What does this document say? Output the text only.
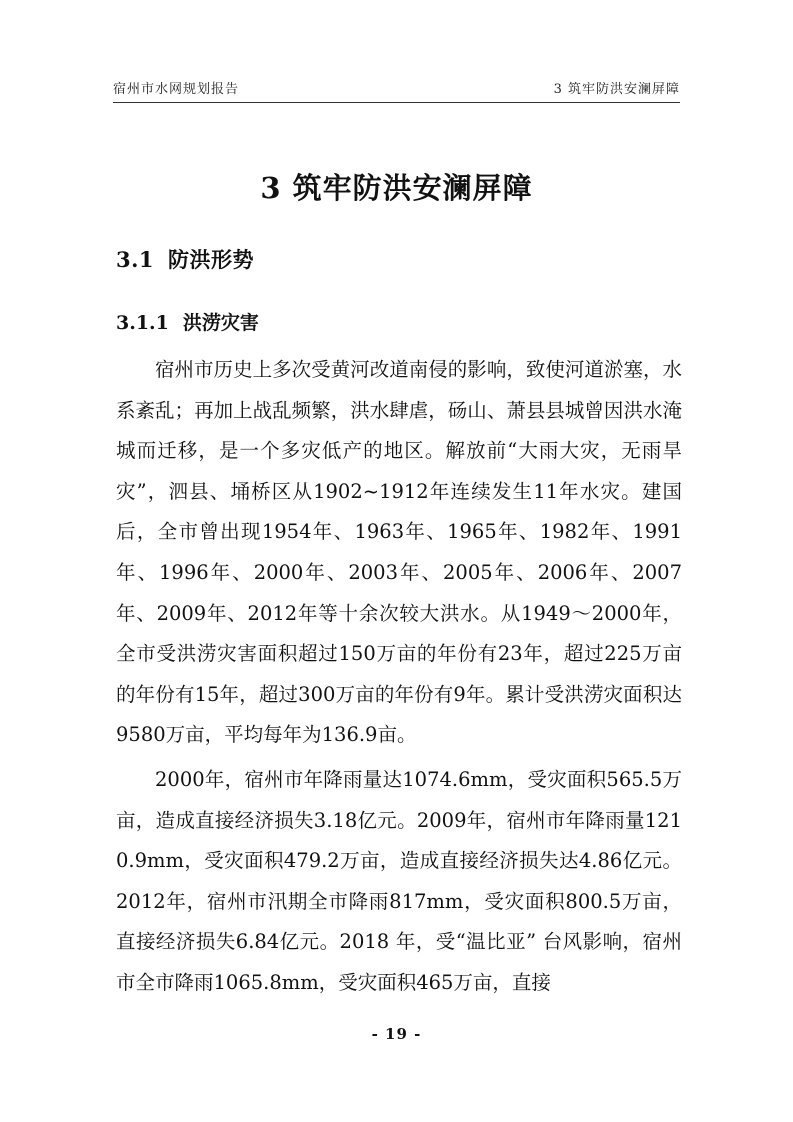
宿州市水网规划报告	3 筑牢防洪安澜屏障
3 筑牢防洪安澜屏障
3.1 防洪形势
3.1.1 洪涝灾害

宿州市历史上多次受黄河改道南侵的影响，致使河道淤塞，水系紊乱；再加上战乱频繁，洪水肆虐，砀山、萧县县城曾因洪水淹城而迁移，是一个多灾低产的地区。解放前“大雨大灾，无雨旱灾”，泗县、埇桥区从1902~1912年连续发生11年水灾。建国后，全市曾出现1954年、1963年、1965年、1982年、1991年、1996年、2000年、2003年、2005年、2006年、2007年、2009年、2012年等十余次较大洪水。从1949～2000年，全市受洪涝灾害面积超过150万亩的年份有23年，超过225万亩的年份有15年，超过300万亩的年份有9年。累计受洪涝灾面积达 9580万亩，平均每年为136.9亩。

2000年，宿州市年降雨量达1074.6mm，受灾面积565.5万亩，造成直接经济损失3.18亿元。2009年，宿州市年降雨量1210.9mm，受灾面积479.2万亩，造成直接经济损失达4.86亿元。2012年，宿州市汛期全市降雨817mm，受灾面积800.5万亩，直接经济损失6.84亿元。2018 年，受“温比亚” 台风影响，宿州市全市降雨1065.8mm，受灾面积465万亩，直接

- 19 -
